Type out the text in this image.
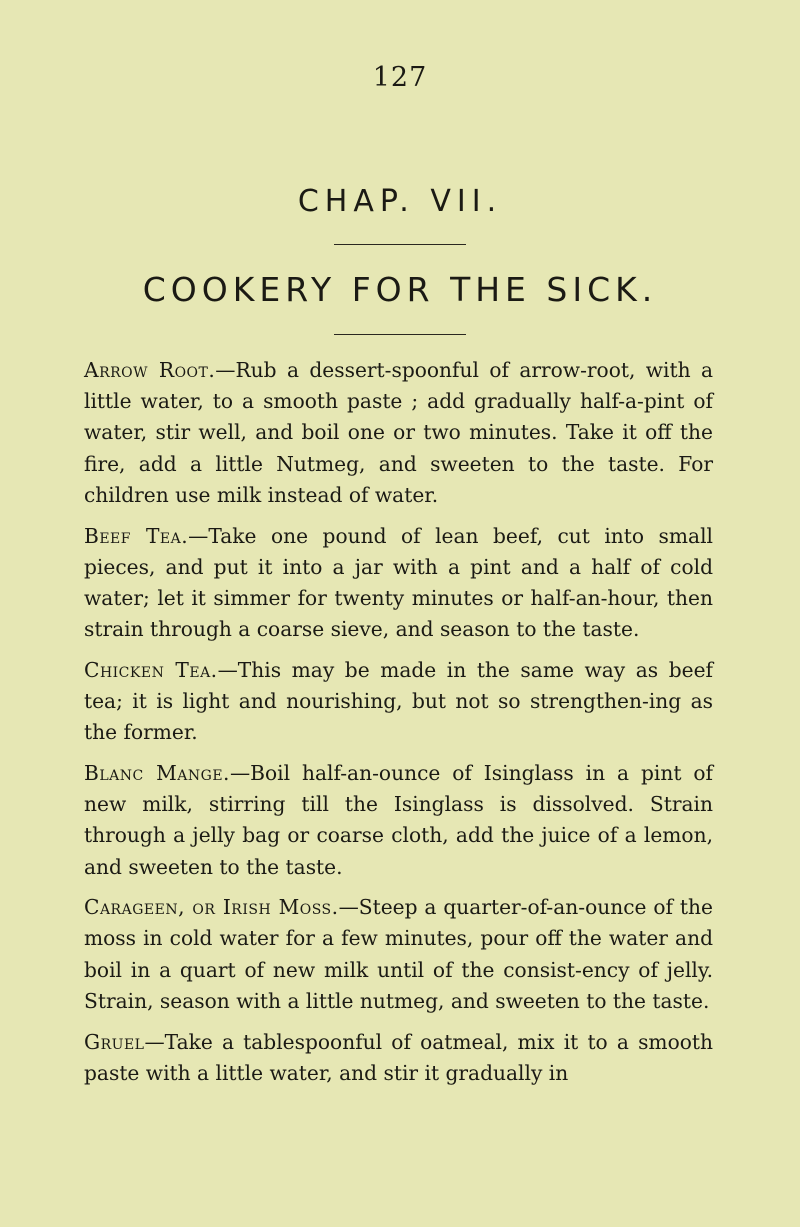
127
CHAP. VII.
COOKERY FOR THE SICK.

Arrow Root.—Rub a dessert-spoonful of arrow-root, with a little water, to a smooth paste ; add gradually half-a-pint of water, stir well, and boil one or two minutes. Take it off the fire, add a little Nutmeg, and sweeten to the taste. For children use milk instead of water.

Beef Tea.—Take one pound of lean beef, cut into small pieces, and put it into a jar with a pint and a half of cold water; let it simmer for twenty minutes or half-an-hour, then strain through a coarse sieve, and season to the taste.

Chicken Tea.—This may be made in the same way as beef tea; it is light and nourishing, but not so strengthen-ing as the former.

Blanc Mange.—Boil half-an-ounce of Isinglass in a pint of new milk, stirring till the Isinglass is dissolved. Strain through a jelly bag or coarse cloth, add the juice of a lemon, and sweeten to the taste.

Carageen, or Irish Moss.—Steep a quarter-of-an-ounce of the moss in cold water for a few minutes, pour off the water and boil in a quart of new milk until of the consist-ency of jelly. Strain, season with a little nutmeg, and sweeten to the taste.

Gruel—Take a tablespoonful of oatmeal, mix it to a smooth paste with a little water, and stir it gradually in
